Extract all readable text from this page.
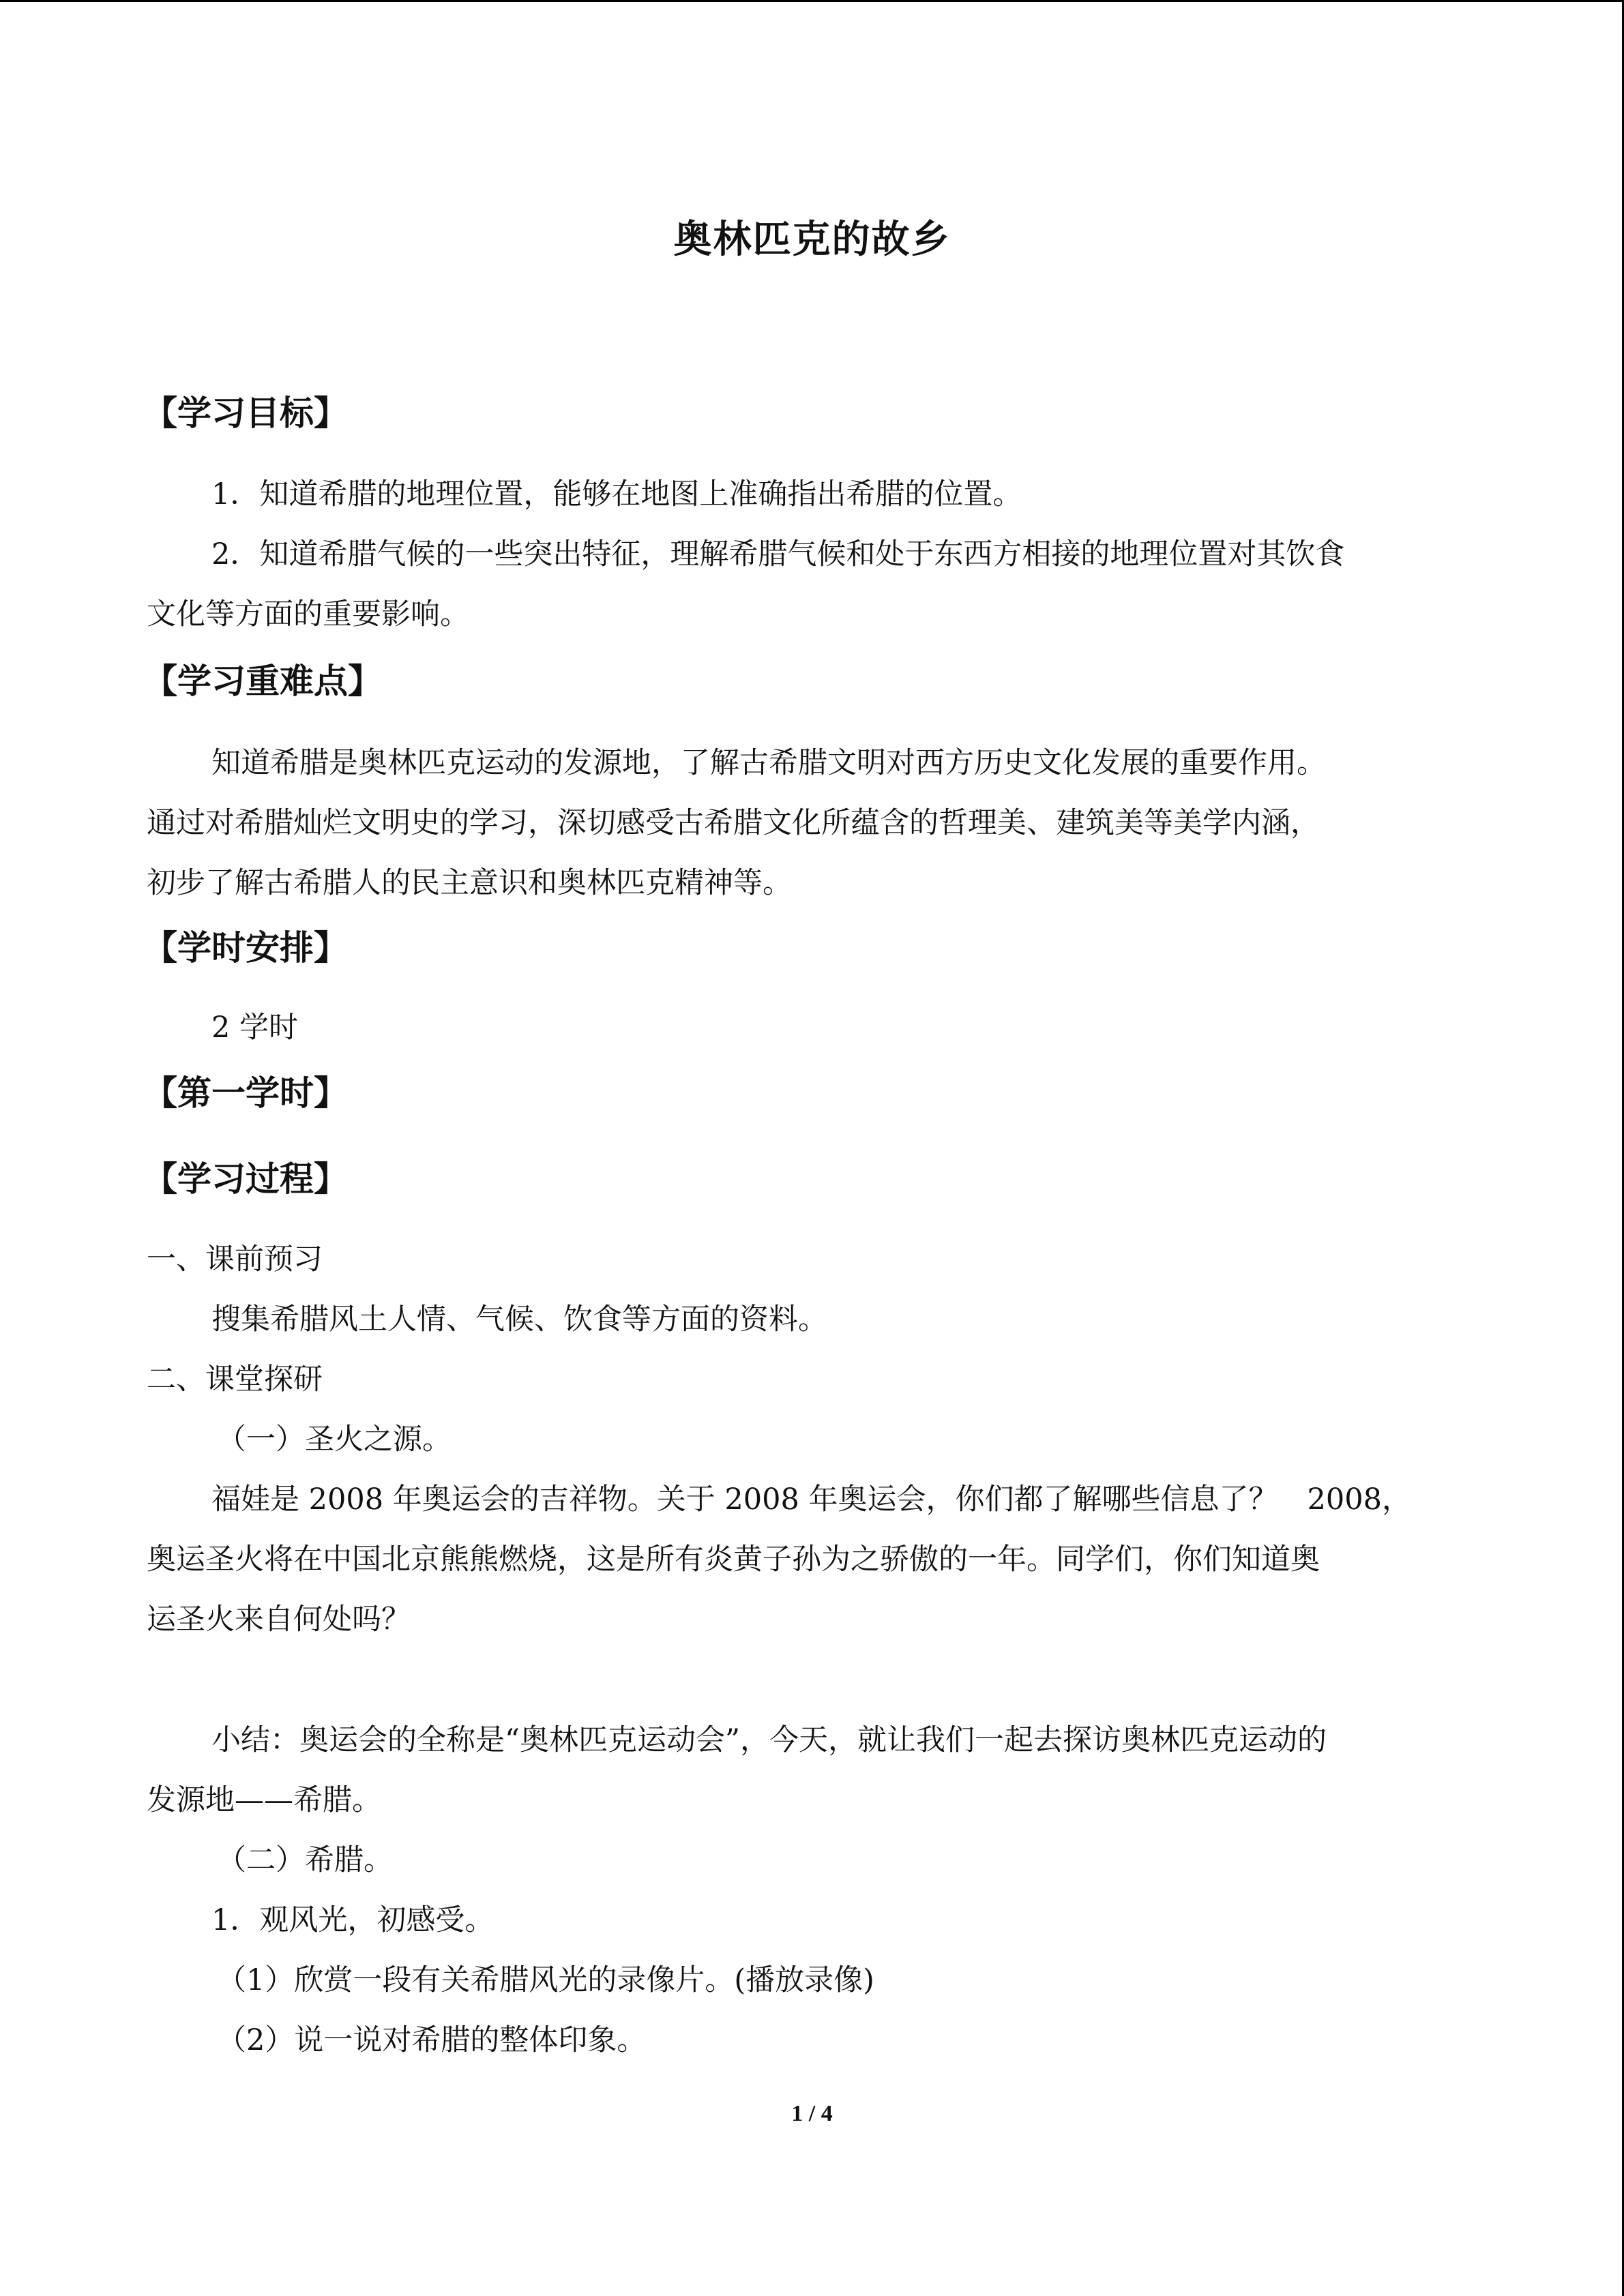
奥林匹克的故乡
【学习目标】
1．知道希腊的地理位置，能够在地图上准确指出希腊的位置。
2．知道希腊气候的一些突出特征，理解希腊气候和处于东西方相接的地理位置对其饮食
文化等方面的重要影响。
【学习重难点】
知道希腊是奥林匹克运动的发源地，了解古希腊文明对西方历史文化发展的重要作用。
通过对希腊灿烂文明史的学习，深切感受古希腊文化所蕴含的哲理美、建筑美等美学内涵，
初步了解古希腊人的民主意识和奥林匹克精神等。
【学时安排】
2 学时
【第一学时】
【学习过程】
一、课前预习
搜集希腊风土人情、气候、饮食等方面的资料。
二、课堂探研
（一）圣火之源。
福娃是 2008 年奥运会的吉祥物。关于 2008 年奥运会，你们都了解哪些信息了？　2008，
奥运圣火将在中国北京熊熊燃烧，这是所有炎黄子孙为之骄傲的一年。同学们，你们知道奥
运圣火来自何处吗？
小结：奥运会的全称是“奥林匹克运动会”，今天，就让我们一起去探访奥林匹克运动的
发源地——希腊。
（二）希腊。
1．观风光，初感受。
（1）欣赏一段有关希腊风光的录像片。(播放录像)
（2）说一说对希腊的整体印象。
1 / 4
